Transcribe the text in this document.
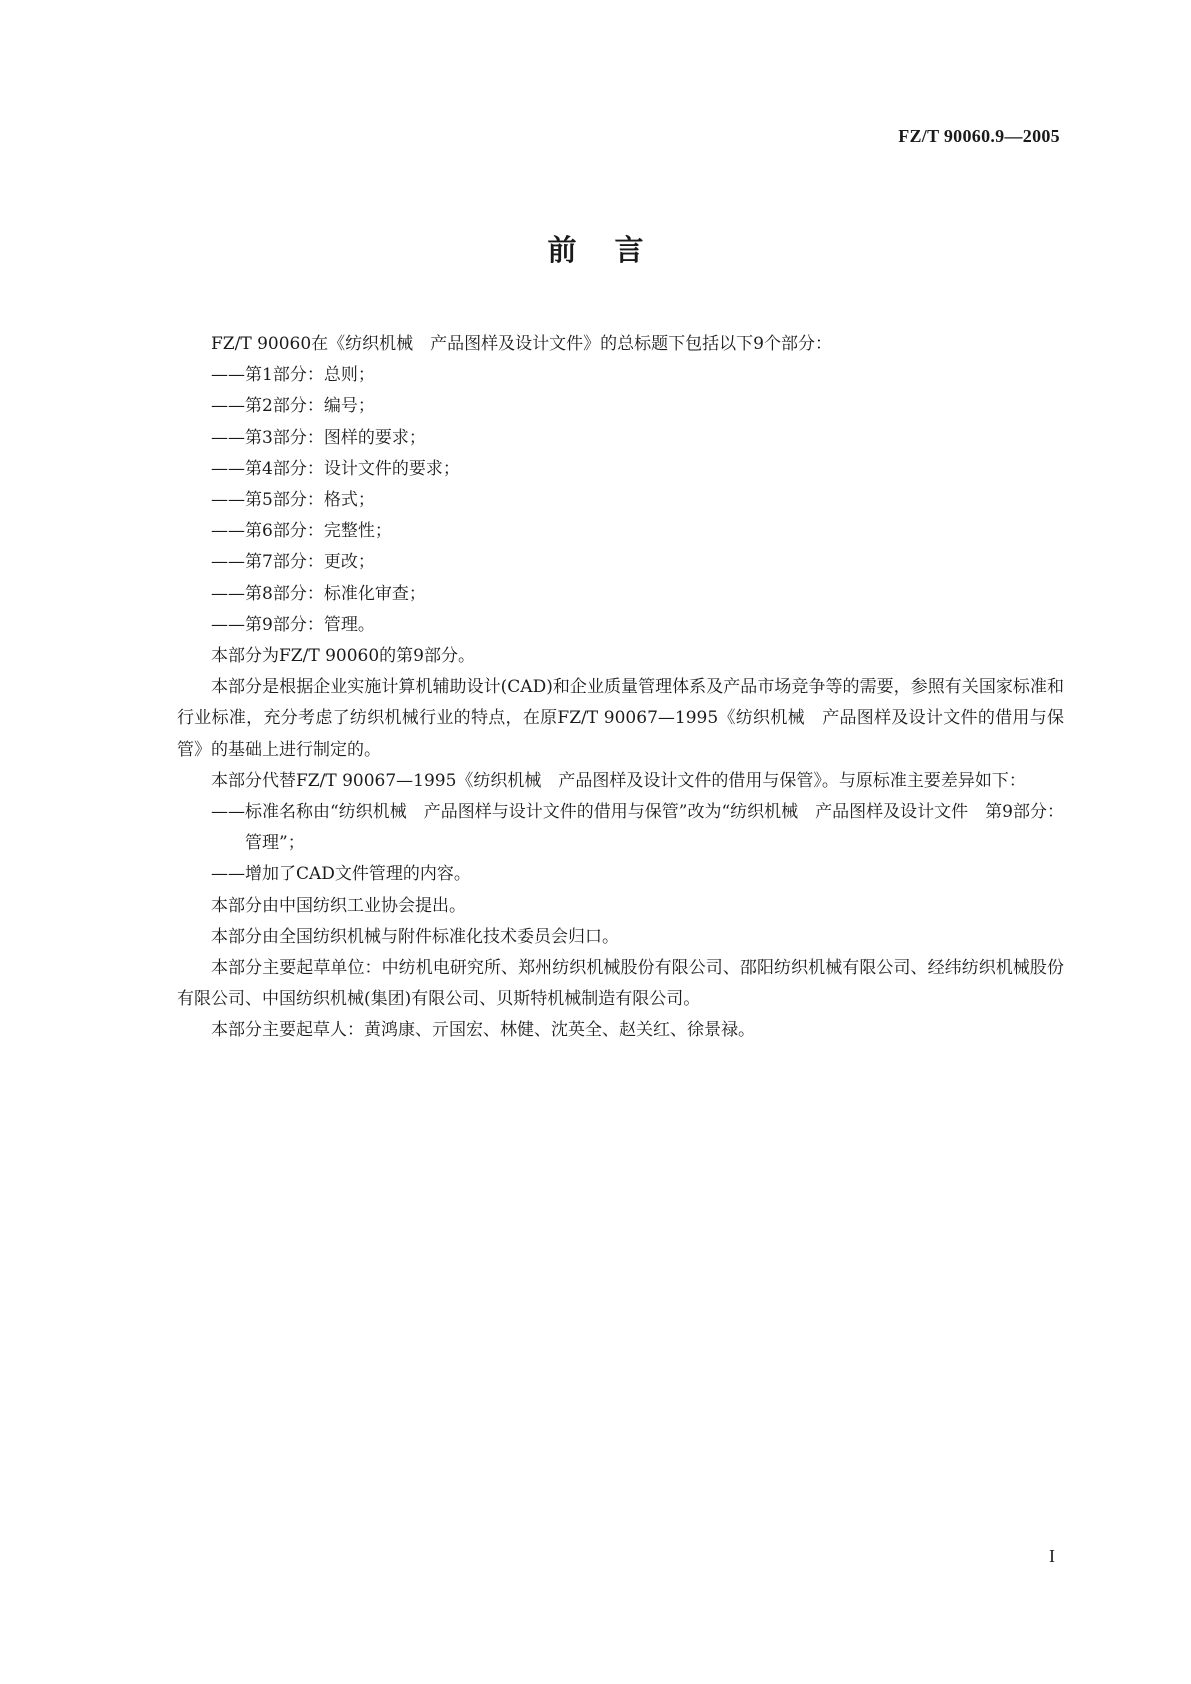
FZ/T 90060.9—2005
前言

FZ/T 90060在《纺织机械　产品图样及设计文件》的总标题下包括以下9个部分：

——第1部分：总则；

——第2部分：编号；

——第3部分：图样的要求；

——第4部分：设计文件的要求；

——第5部分：格式；

——第6部分：完整性；

——第7部分：更改；

——第8部分：标准化审查；

——第9部分：管理。

本部分为FZ/T 90060的第9部分。

本部分是根据企业实施计算机辅助设计(CAD)和企业质量管理体系及产品市场竞争等的需要，参照有关国家标准和行业标准，充分考虑了纺织机械行业的特点，在原FZ/T 90067—1995《纺织机械　产品图样及设计文件的借用与保管》的基础上进行制定的。

本部分代替FZ/T 90067—1995《纺织机械　产品图样及设计文件的借用与保管》。与原标准主要差异如下：

——标准名称由“纺织机械　产品图样与设计文件的借用与保管”改为“纺织机械　产品图样及设计文件　第9部分：管理”；

——增加了CAD文件管理的内容。

本部分由中国纺织工业协会提出。

本部分由全国纺织机械与附件标准化技术委员会归口。

本部分主要起草单位：中纺机电研究所、郑州纺织机械股份有限公司、邵阳纺织机械有限公司、经纬纺织机械股份有限公司、中国纺织机械(集团)有限公司、贝斯特机械制造有限公司。

本部分主要起草人：黄鸿康、亓国宏、林健、沈英全、赵关红、徐景禄。

I
